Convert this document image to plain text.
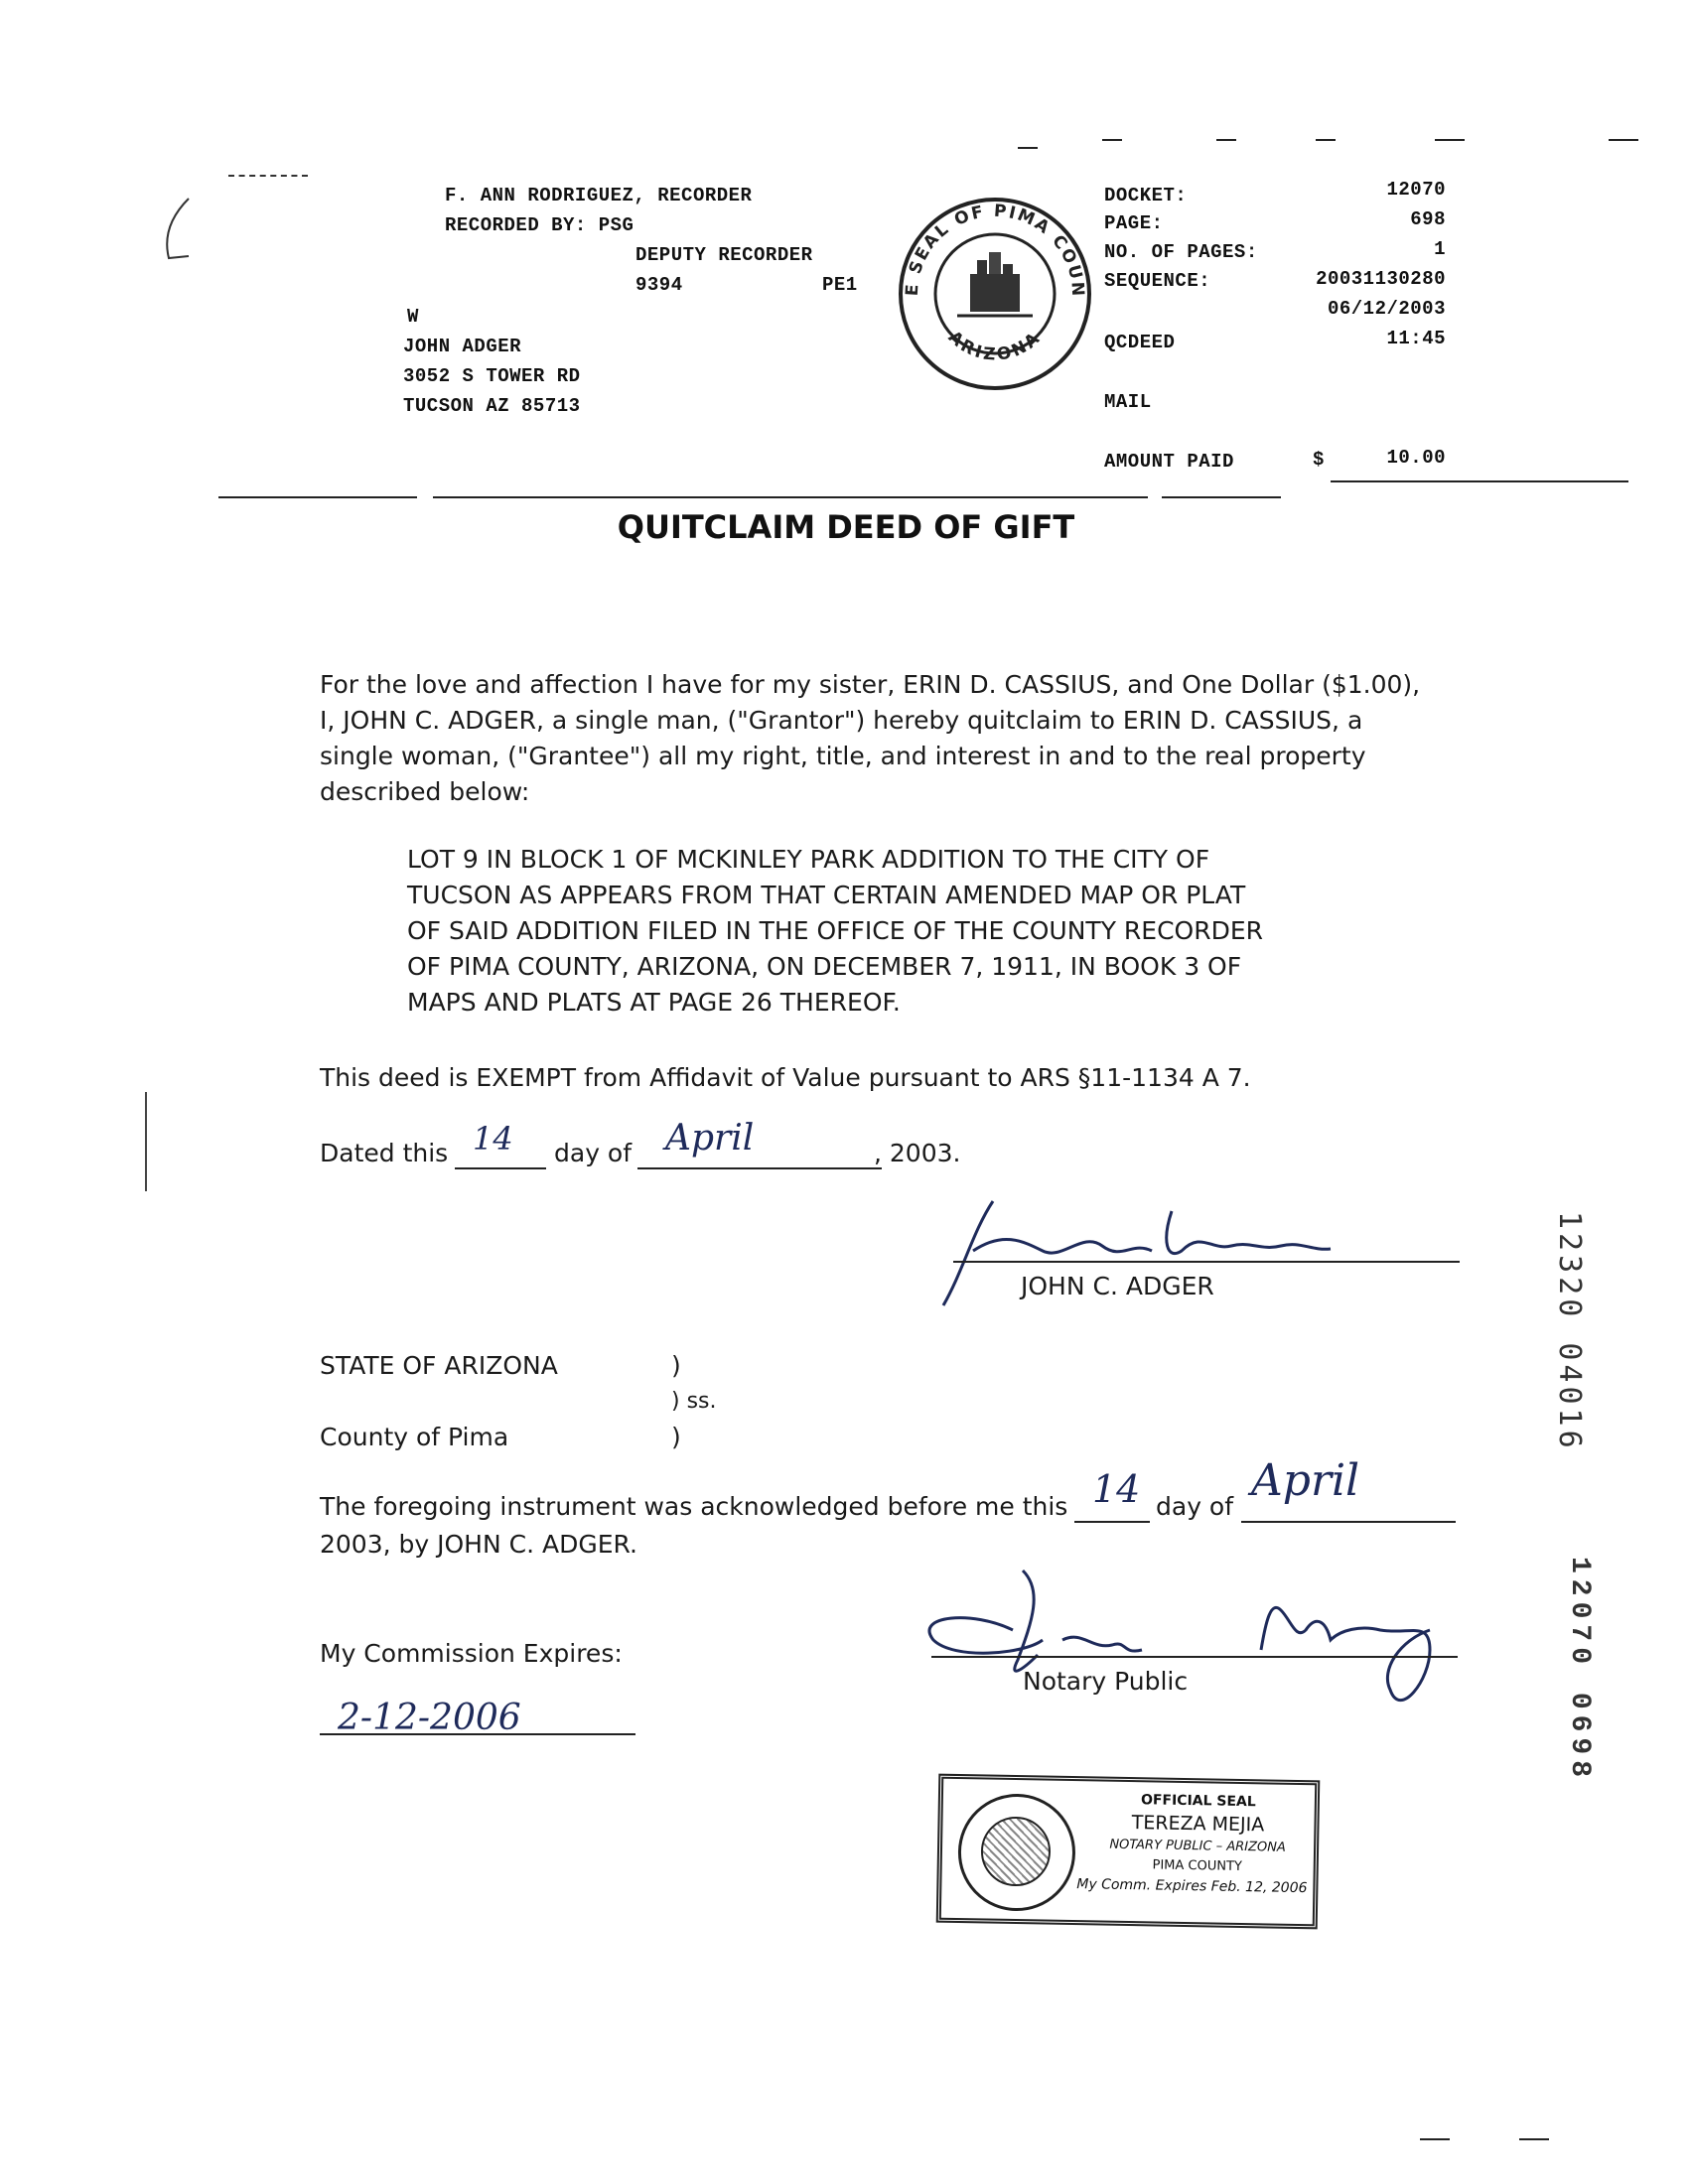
F. ANN RODRIGUEZ, RECORDER
RECORDED BY: PSG
DEPUTY RECORDER
9394	PE1
W
JOHN ADGER
3052 S TOWER RD
TUCSON AZ 85713
E SEAL OF PIMA COUN
ARIZONA
DOCKET:	12070
PAGE:	698
NO. OF PAGES:	1
SEQUENCE:	20031130280
06/12/2003
QCDEED	11:45
MAIL
AMOUNT PAID	$	10.00
QUITCLAIM DEED OF GIFT
For the love and affection I have for my sister, ERIN D. CASSIUS, and One Dollar ($1.00),
I, JOHN C. ADGER, a single man, ("Grantor") hereby quitclaim to ERIN D. CASSIUS, a
single woman, ("Grantee") all my right, title, and interest in and to the real property
described below:
LOT 9 IN BLOCK 1 OF MCKINLEY PARK ADDITION TO THE CITY OF
TUCSON AS APPEARS FROM THAT CERTAIN AMENDED MAP OR PLAT
OF SAID ADDITION FILED IN THE OFFICE OF THE COUNTY RECORDER
OF PIMA COUNTY, ARIZONA, ON DECEMBER 7, 1911, IN BOOK 3 OF
MAPS AND PLATS AT PAGE 26 THEREOF.
This deed is EXEMPT from Affidavit of Value pursuant to ARS §11-1134 A 7.
Dated this 14 day of April	, 2003.
JOHN C. ADGER
STATE OF ARIZONA	)
) ss.
County of Pima	)
The foregoing instrument was acknowledged before me this 14 day of
April
2003, by JOHN C. ADGER.
Notary Public
My Commission Expires:
2-12-2006
OFFICIAL SEAL
TEREZA MEJIA
NOTARY PUBLIC – ARIZONA
PIMA COUNTY
My Comm. Expires Feb. 12, 2006
12320 04016
12070 0698
